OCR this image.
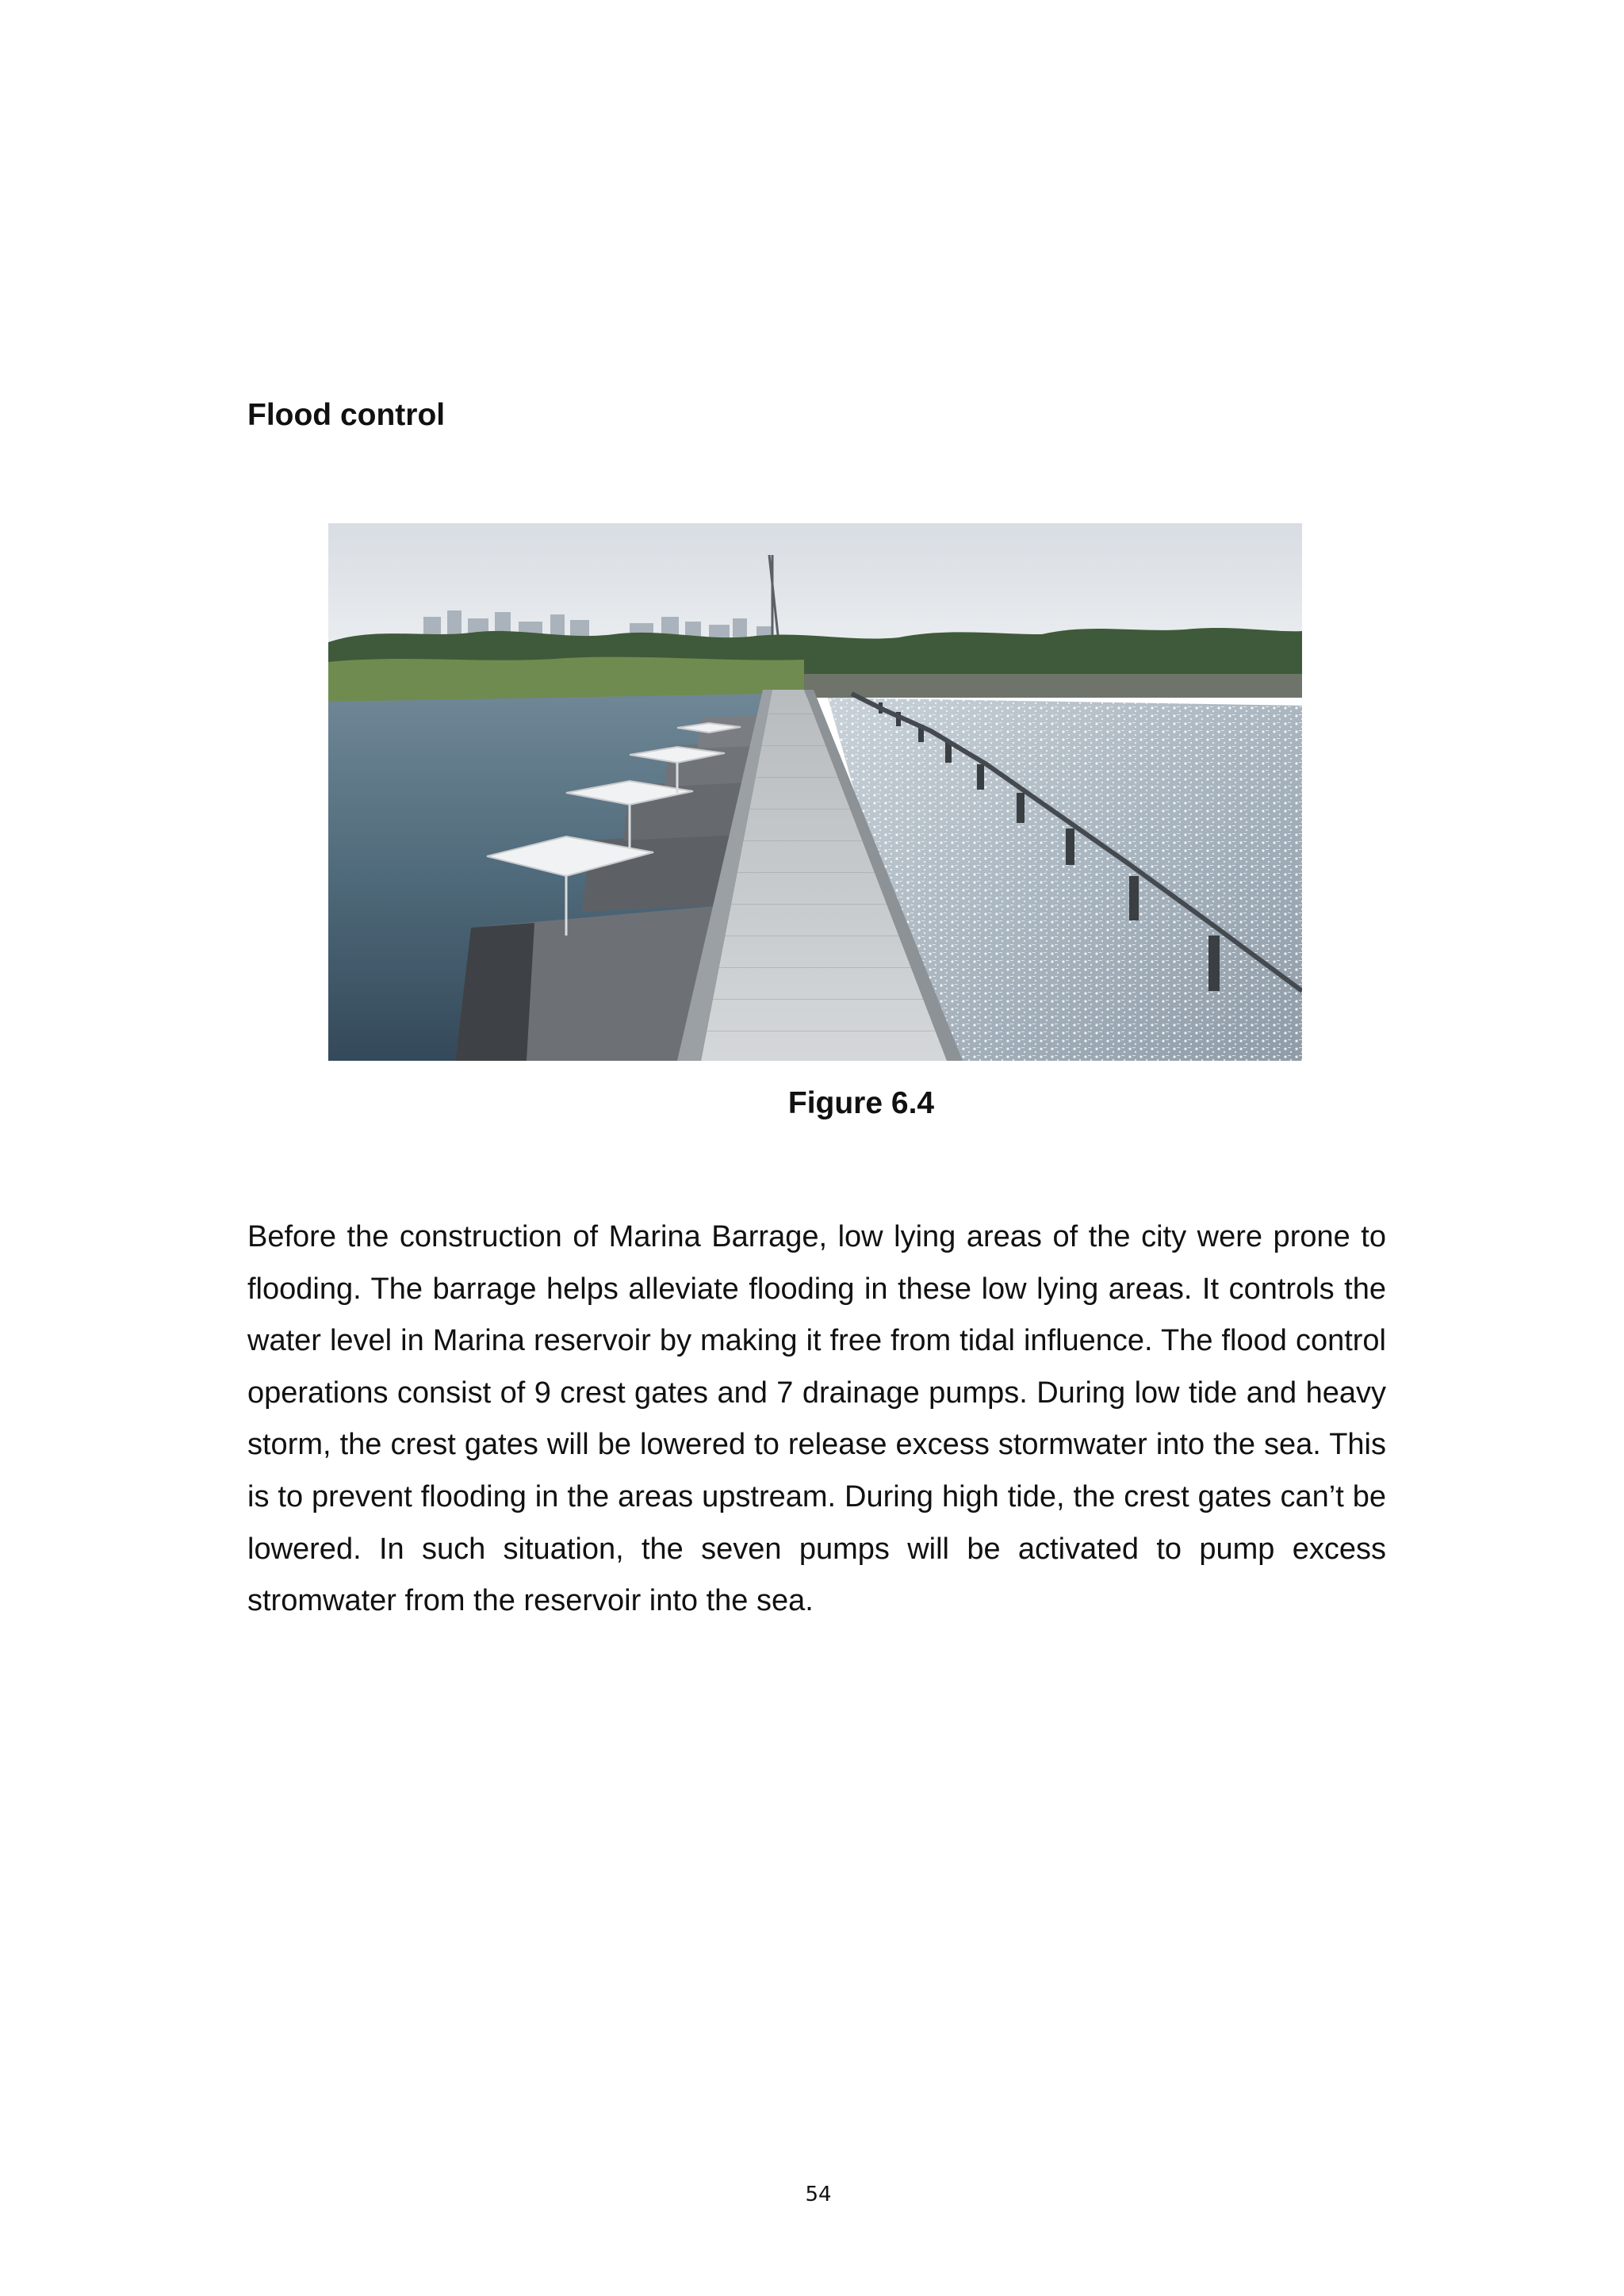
Flood control

Figure 6.4

Before the construction of Marina Barrage, low lying areas of the city were prone to flooding. The barrage helps alleviate flooding in these low lying areas. It controls the water level in Marina reservoir by making it free from tidal influence. The flood control operations consist of 9 crest gates and 7 drainage pumps. During low tide and heavy storm, the crest gates will be lowered to release excess stormwater into the sea. This is to prevent flooding in the areas upstream. During high tide, the crest gates can’t be lowered. In such situation, the seven pumps will be activated to pump excess stromwater from the reservoir into the sea.

54
